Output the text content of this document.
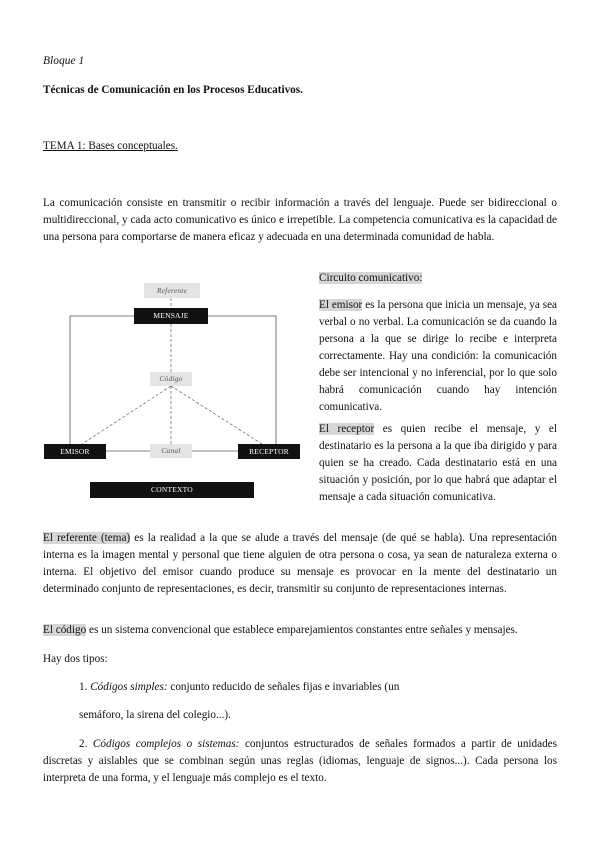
Bloque 1
Técnicas de Comunicación en los Procesos Educativos.
TEMA 1: Bases conceptuales.
La comunicación consiste en transmitir o recibir información a través del lenguaje. Puede ser bidireccional o multidireccional, y cada acto comunicativo es único e irrepetible. La competencia comunicativa es la capacidad de una persona para comportarse de manera eficaz y adecuada en una determinada comunidad de habla.
Referente
MENSAJE
Código
EMISOR	Canal	RECEPTOR
CONTEXTO
Circuito comunicativo:
El emisor es la persona que inicia un mensaje, ya sea verbal o no verbal. La comunicación se da cuando la persona a la que se dirige lo recibe e interpreta correctamente. Hay una condición: la comunicación debe ser intencional y no inferencial, por lo que solo habrá comunicación cuando hay intención comunicativa.
El receptor es quien recibe el mensaje, y el destinatario es la persona a la que iba dirigido y para quien se ha creado. Cada destinatario está en una situación y posición, por lo que habrá que adaptar el mensaje a cada situación comunicativa.
El referente (tema) es la realidad a la que se alude a través del mensaje (de qué se habla). Una representación interna es la imagen mental y personal que tiene alguien de otra persona o cosa, ya sean de naturaleza externa o interna. El objetivo del emisor cuando produce su mensaje es provocar en la mente del destinatario un determinado conjunto de representaciones, es decir, transmitir su conjunto de representaciones internas.
El código es un sistema convencional que establece emparejamientos constantes entre señales y mensajes.
Hay dos tipos:
1. Códigos simples: conjunto reducido de señales fijas e invariables (un
semáforo, la sirena del colegio...).
2. Códigos complejos o sistemas: conjuntos estructurados de señales formados a partir de unidades discretas y aislables que se combinan según unas reglas (idiomas, lenguaje de signos...). Cada persona los interpreta de una forma, y el lenguaje más complejo es el texto.
